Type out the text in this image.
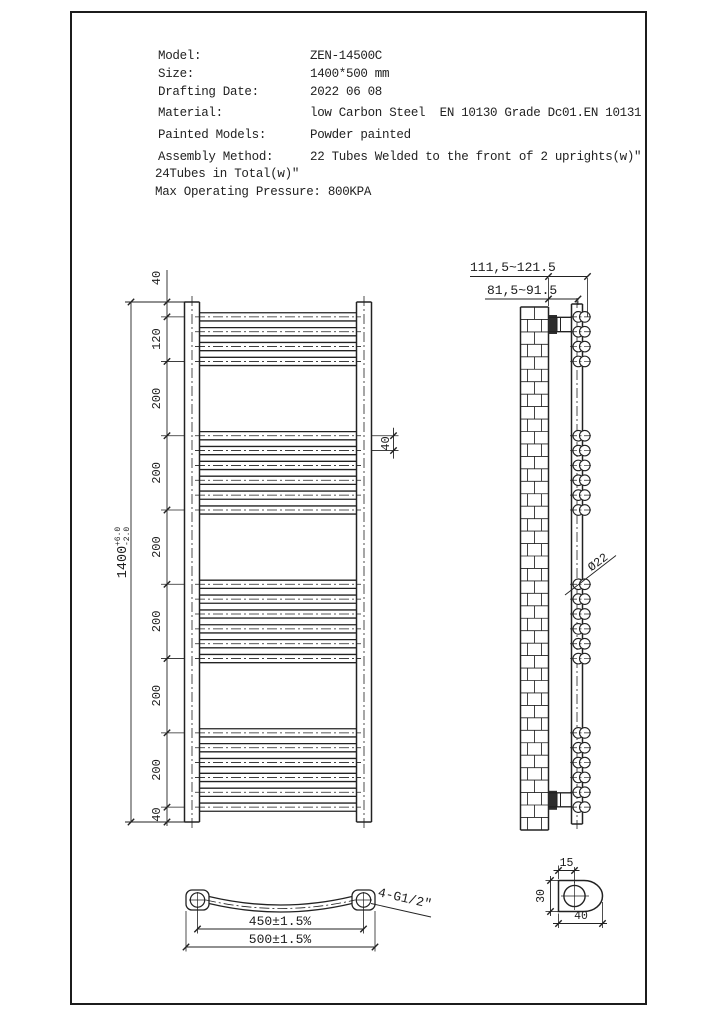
1400
+6.0 -2.0
40
120
200
200
200
200
200
200
40
40
111,5~121.5
81,5~91.5
Ø22
450±1.5%
500±1.5%
4-G1/2"
15
30
40
Model:	ZEN-14500C
Size:	1400*500 mm
Drafting Date:	2022 06 08
Material:	low Carbon Steel  EN 10130 Grade Dc01.EN 10131
Painted Models:	Powder painted
Assembly Method:	22 Tubes Welded to the front of 2 uprights(w)″
24Tubes in Total(w)″
Max Operating Pressure: 800KPA
